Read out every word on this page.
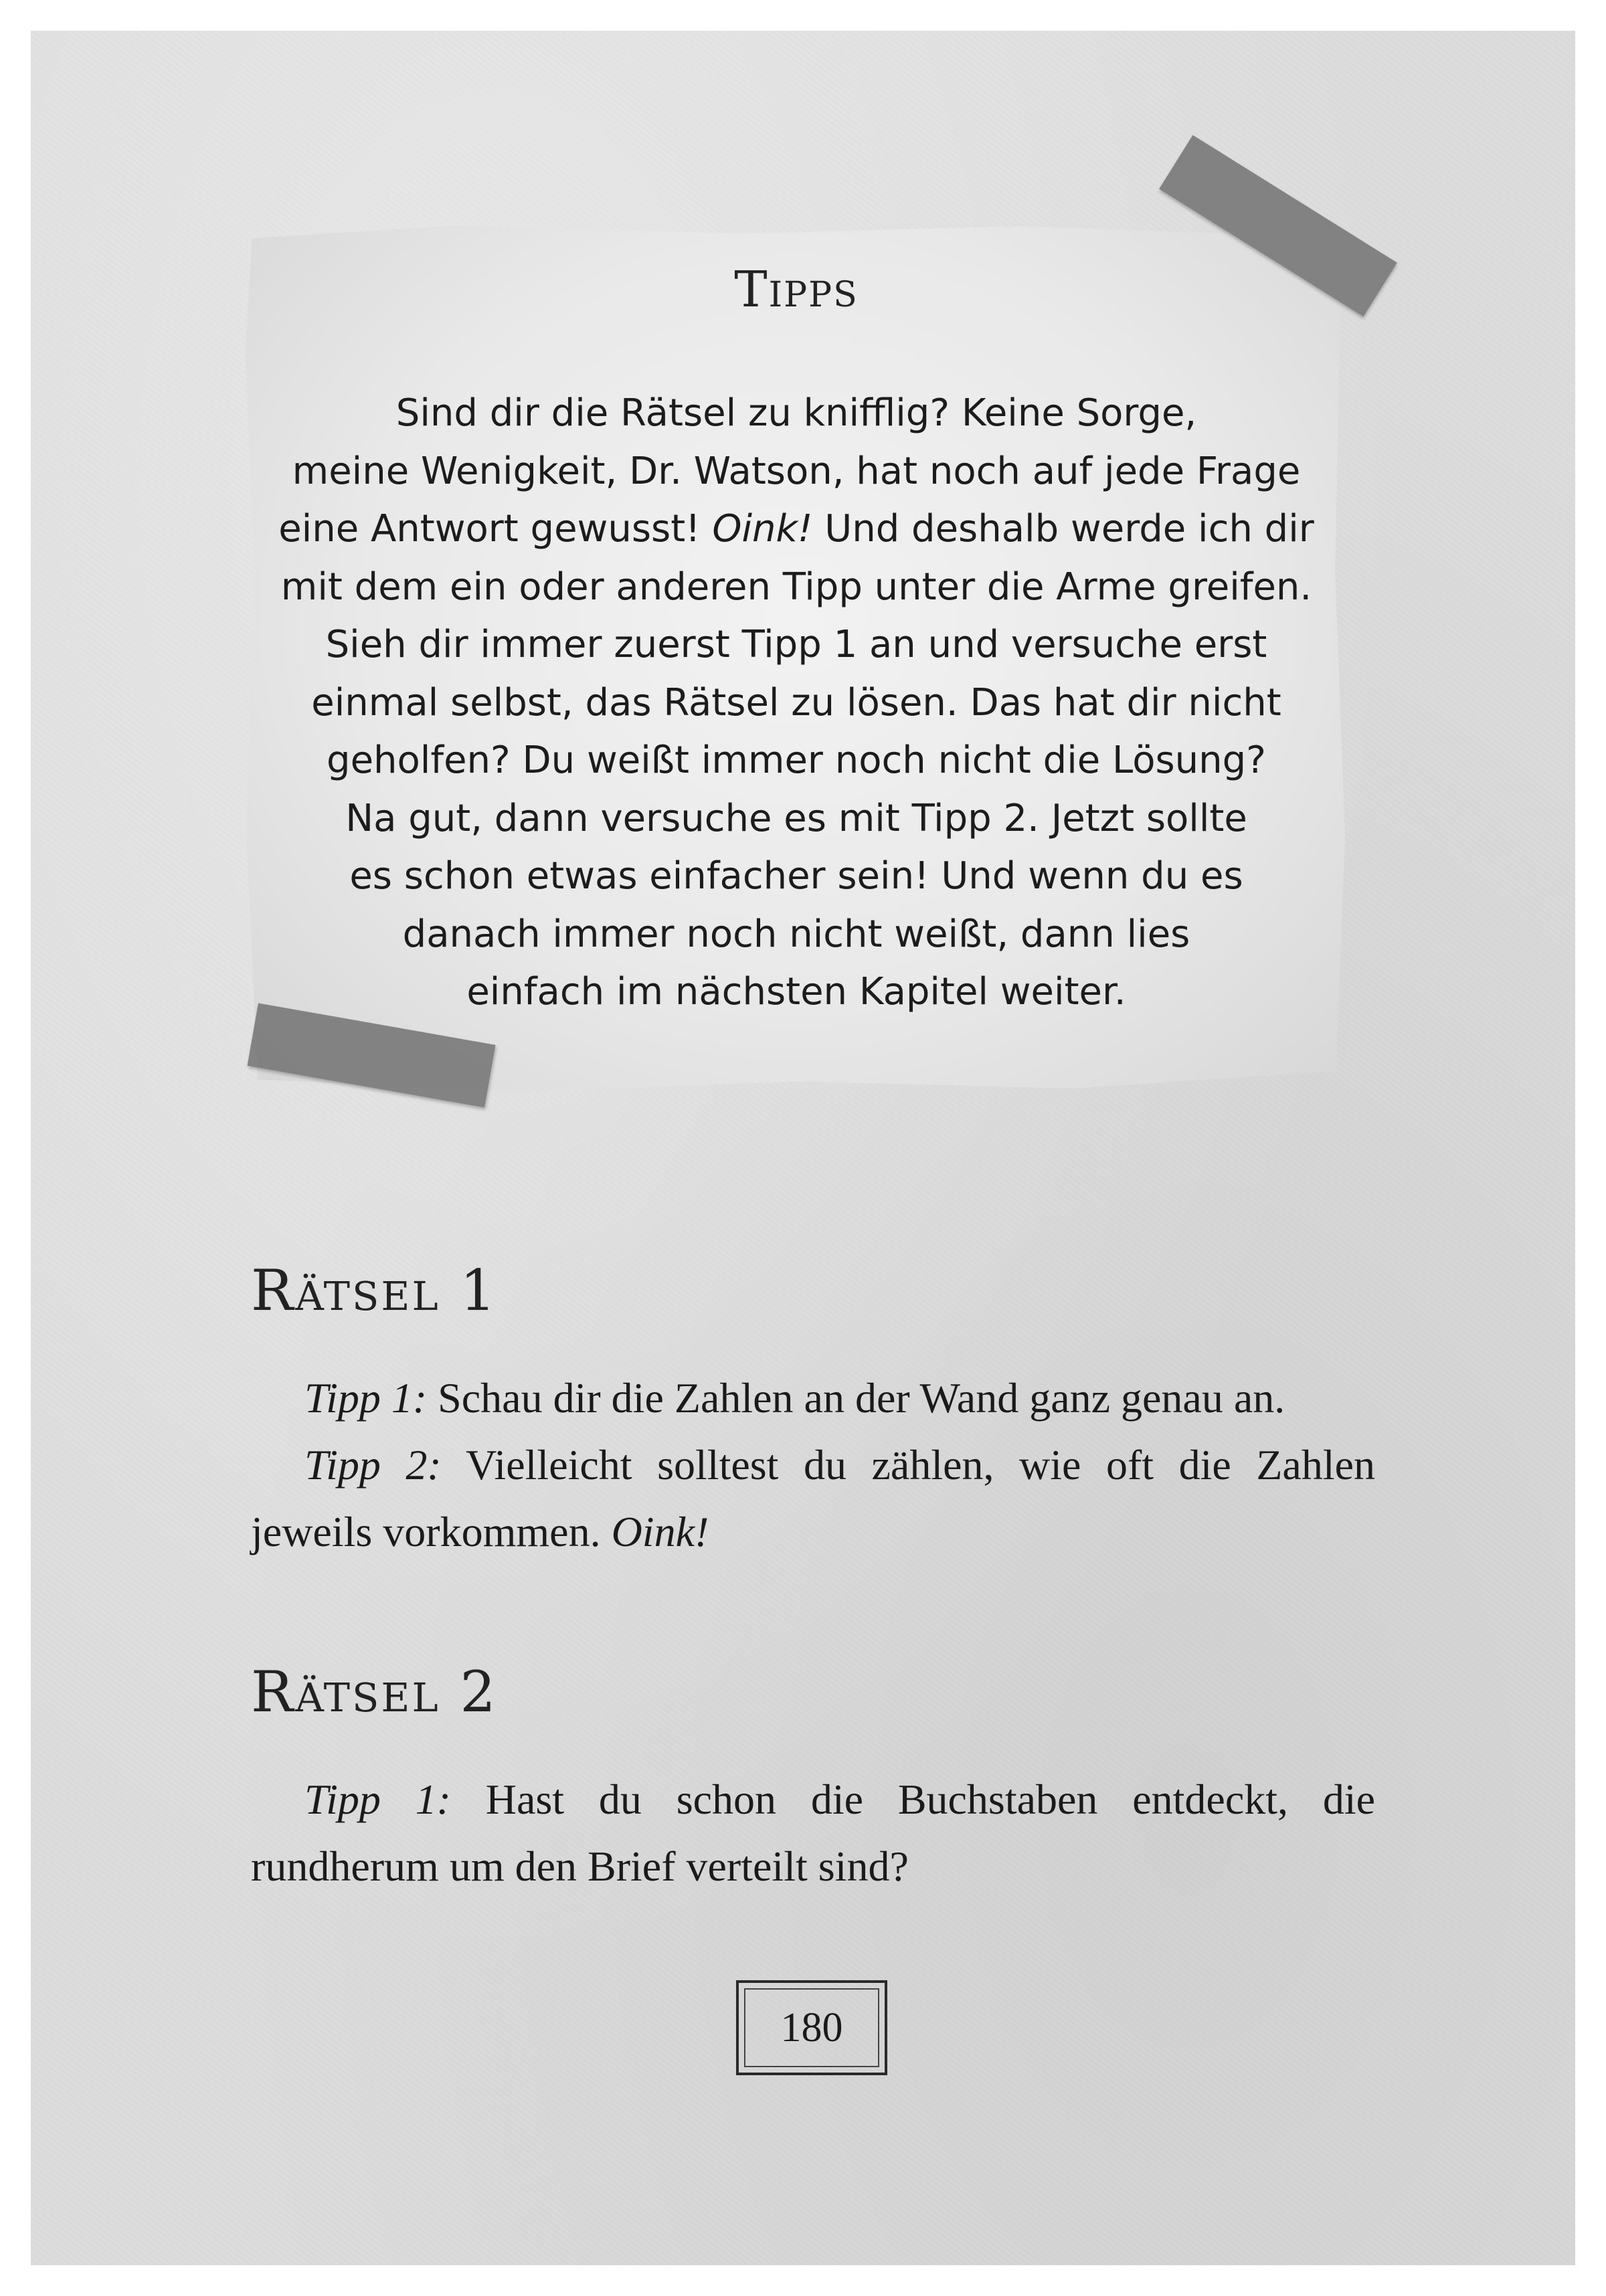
Tipps
Sind dir die Rätsel zu knifflig? Keine Sorge,
meine Wenigkeit, Dr. Watson, hat noch auf jede Frage
eine Antwort gewusst! Oink! Und deshalb werde ich dir
mit dem ein oder anderen Tipp unter die Arme greifen.
Sieh dir immer zuerst Tipp 1 an und versuche erst
einmal selbst, das Rätsel zu lösen. Das hat dir nicht
geholfen? Du weißt immer noch nicht die Lösung?
Na gut, dann versuche es mit Tipp 2. Jetzt sollte
es schon etwas einfacher sein! Und wenn du es
danach immer noch nicht weißt, dann lies
einfach im nächsten Kapitel weiter.
Rätsel 1
Tipp 1: Schau dir die Zahlen an der Wand ganz genau an.
Tipp 2: Vielleicht solltest du zählen, wie oft die Zahlen jeweils vorkommen. Oink!
Rätsel 2
Tipp 1: Hast du schon die Buchstaben entdeckt, die rundherum um den Brief verteilt sind?
180
